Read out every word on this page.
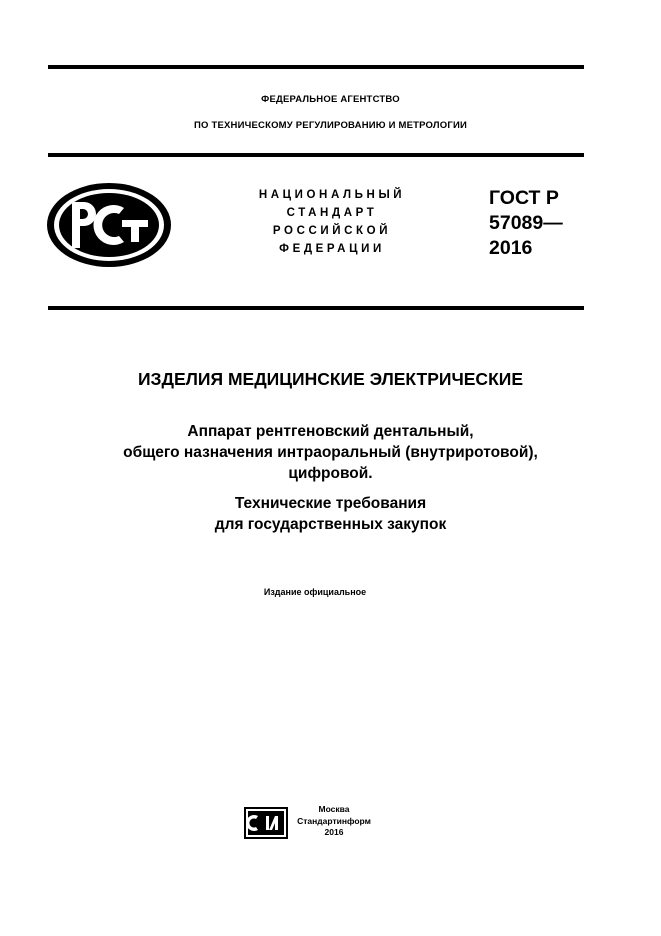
ФЕДЕРАЛЬНОЕ АГЕНТСТВО
ПО ТЕХНИЧЕСКОМУ РЕГУЛИРОВАНИЮ И МЕТРОЛОГИИ
НАЦИОНАЛЬНЫЙ
СТАНДАРТ
РОССИЙСКОЙ
ФЕДЕРАЦИИ
ГОСТ Р
57089—
2016
ИЗДЕЛИЯ МЕДИЦИНСКИЕ ЭЛЕКТРИЧЕСКИЕ
Аппарат рентгеновский дентальный,
общего назначения интраоральный (внутриротовой),
цифровой.
Технические требования
для государственных закупок
Издание официальное
Москва
Стандартинформ
2016
